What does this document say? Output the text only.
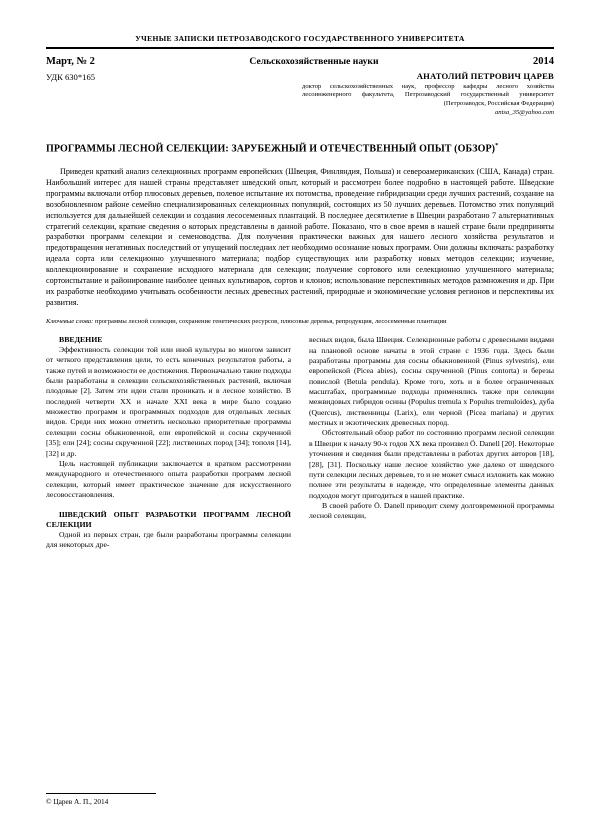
УЧЕНЫЕ ЗАПИСКИ ПЕТРОЗАВОДСКОГО ГОСУДАРСТВЕННОГО УНИВЕРСИТЕТА
Март, № 2	Сельскохозяйственные науки	2014
УДК 630*165	АНАТОЛИЙ ПЕТРОВИЧ ЦАРЕВ
доктор сельскохозяйственных наук, профессор кафедры лесного хозяйства лесоинженерного факультета, Петрозаводский государственный университет (Петрозаводск, Российская Федерация)
antsa_35@yahoo.com
ПРОГРАММЫ ЛЕСНОЙ СЕЛЕКЦИИ: ЗАРУБЕЖНЫЙ И ОТЕЧЕСТВЕННЫЙ ОПЫТ (ОБЗОР)*
Приведен краткий анализ селекционных программ европейских (Швеция, Финляндия, Польша) и североамериканских (США, Канада) стран. Наибольший интерес для нашей страны представляет шведский опыт, который и рассмотрен более подробно в настоящей работе. Шведские программы включали отбор плюсовых деревьев, полевое испытание их потомства, проведение гибридизации среди лучших растений, создание на возобновленном районе семейно специализированных селекционных популяций, состоящих из 50 лучших деревьев. Потомство этих популяций используется для дальнейшей селекции и создания лесосеменных плантаций. В последнее десятилетие в Швеции разработано 7 альтернативных стратегий селекции, краткие сведения о которых представлены в данной работе. Показано, что в свое время в нашей стране были предприняты разработки программ селекции и семеноводства. Для получения практически важных для нашего лесного хозяйства результатов и предотвращения негативных последствий от упущений последних лет необходимо осознание новых программ. Они должны включать: разработку идеала сорта или селекционно улучшенного материала; подбор существующих или разработку новых методов селекции; изучение, коллекционирование и сохранение исходного материала для селекции; получение сортового или селекционно улучшенного материала; сортоиспытание и районирование наиболее ценных культиваров, сортов и клонов; использование перспективных методов размножения и др. При их разработке необходимо учитывать особенности лесных древесных растений, природные и экономические условия регионов и перспективы их развития.
Ключевые слова: программы лесной селекции, сохранение генетических ресурсов, плюсовые деревья, репродукция, лесосеменные плантации

ВВЕДЕНИЕ

Эффективность селекции той или иной культуры во многом зависит от четкого представления цели, то есть конечных результатов работы, а также путей и возможности ее достижения. Первоначально такие подходы были разработаны в селекции сельскохозяйственных растений, включая плодовые [2]. Затем эти идеи стали проникать и в лесное хозяйство. В последней четверти XX и начале XXI века в мире было создано множество программ и программных подходов для отдельных лесных видов. Среди них можно отметить несколько приоритетные программы селекции сосны обыкновенной, ели европейской и сосны скрученной [35]; ели [24]; сосны скрученной [22]; лиственных пород [34]; тополя [14], [32] и др.

Цель настоящей публикации заключается в кратком рассмотрении международного и отечественного опыта разработки программ лесной селекции, который имеет практическое значение для искусственного лесовосстановления.

ШВЕДСКИЙ ОПЫТ РАЗРАБОТКИ ПРОГРАММ ЛЕСНОЙ СЕЛЕКЦИИ

Одной из первых стран, где были разработаны программы селекции для некоторых дре-

весных видов, была Швеция. Селекционные работы с древесными видами на плановой основе начаты в этой стране с 1936 года. Здесь были разработаны программы для сосны обыкновенной (Pinus sylvestris), ели европейской (Picea abies), сосны скрученной (Pinus contorta) и березы повислой (Betula pendula). Кроме того, хоть и в более ограниченных масштабах, программные подходы применялись также при селекции межвидовых гибридов осины (Populus tremula x Populus tremuloides), дуба (Quercus), лиственницы (Larix), ели черной (Picea mariana) и других местных и экзотических древесных пород.

Обстоятельный обзор работ по состоянию программ лесной селекции в Швеции к началу 90-х годов XX века произвел Ö. Danell [20]. Некоторые уточнения и сведения были представлены в работах других авторов [18], [28], [31]. Поскольку наше лесное хозяйство уже далеко от шведского пути селекции лесных деревьев, то и не может смысл изложить как можно полнее эти результаты в надежде, что определенные элементы данных подходов могут пригодиться в нашей практике.

В своей работе Ö. Danell приводит схему долговременной программы лесной селекции,

© Царев А. П., 2014
